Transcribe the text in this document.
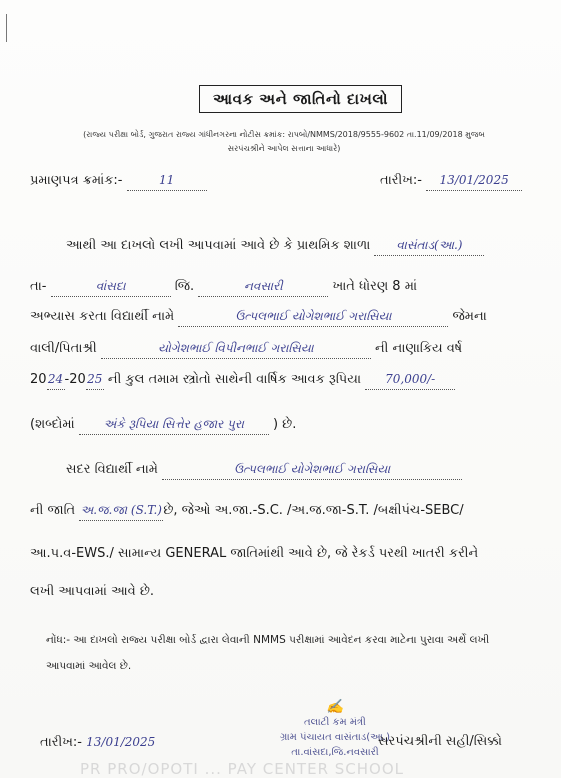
આવક અને જાતિનો દાખલો
(રાજ્ય પરીક્ષા બોર્ડ, ગુજરાત રાજ્ય ગાંધીનગરના નોટીસ ક્રમાંક: રાપબો/NMMS/2018/9555-9602 તા.11/09/2018 મુજબ
સરપંચશ્રીને આપેલ સત્તાના આધારે)
પ્રમાણપત્ર ક્રમાંક:-	11	તારીખ:- 13/01/2025
આથી આ દાખલો લખી આપવામાં આવે છે કે પ્રાથમિક શાળા વાસંતાડ(આ.)
તા-	વાંસદા	જિ.	નવસારી	ખાતે ધોરણ 8 માં
અભ્યાસ કરતા વિદ્યાર્થી નામે	ઉત્પલભાઈ યોગેશભાઈ ગરાસિયા	જેમના
વાલી/પિતાશ્રી	યોગેશભાઈ વિપીનભાઈ ગરાસિયા	ની નાણાકિય વર્ષ
2024-2025 ની કુલ તમામ સ્ત્રોતો સાથેની વાર્ષિક આવક રૂપિયા 70,000/-
(શબ્દોમાં અંકે રૂપિયા સિત્તેર હજાર પુરા ) છે.
સદર વિદ્યાર્થી નામે	ઉત્પલભાઈ યોગેશભાઈ ગરાસિયા
ની જાતિ અ.જ.જા (S.T.)છે, જેઓ અ.જા.-S.C. /અ.જ.જા-S.T. /બક્ષીપંચ-SEBC/
આ.પ.વ-EWS./ સામાન્ય GENERAL જાતિમાંથી આવે છે, જે રેકર્ડ પરથી ખાતરી કરીને
લખી આપવામાં આવે છે.
નોંધ:- આ દાખલો રાજ્ય પરીક્ષા બોર્ડ દ્વારા લેવાની NMMS પરીક્ષામાં આવેદન કરવા માટેના પુરાવા અર્થે લખી
આપવામાં આવેલ છે.
તારીખ:- 13/01/2025
✍
તલાટી કમ મંત્રી
ગ્રામ પંચાયત વાસંતાડ(આ.)
તા.વાંસદા,જિ.નવસારી
સરપંચશ્રીની સહી/સિક્કો
PR PRO/OPOTI ... PAY CENTER SCHOOL
